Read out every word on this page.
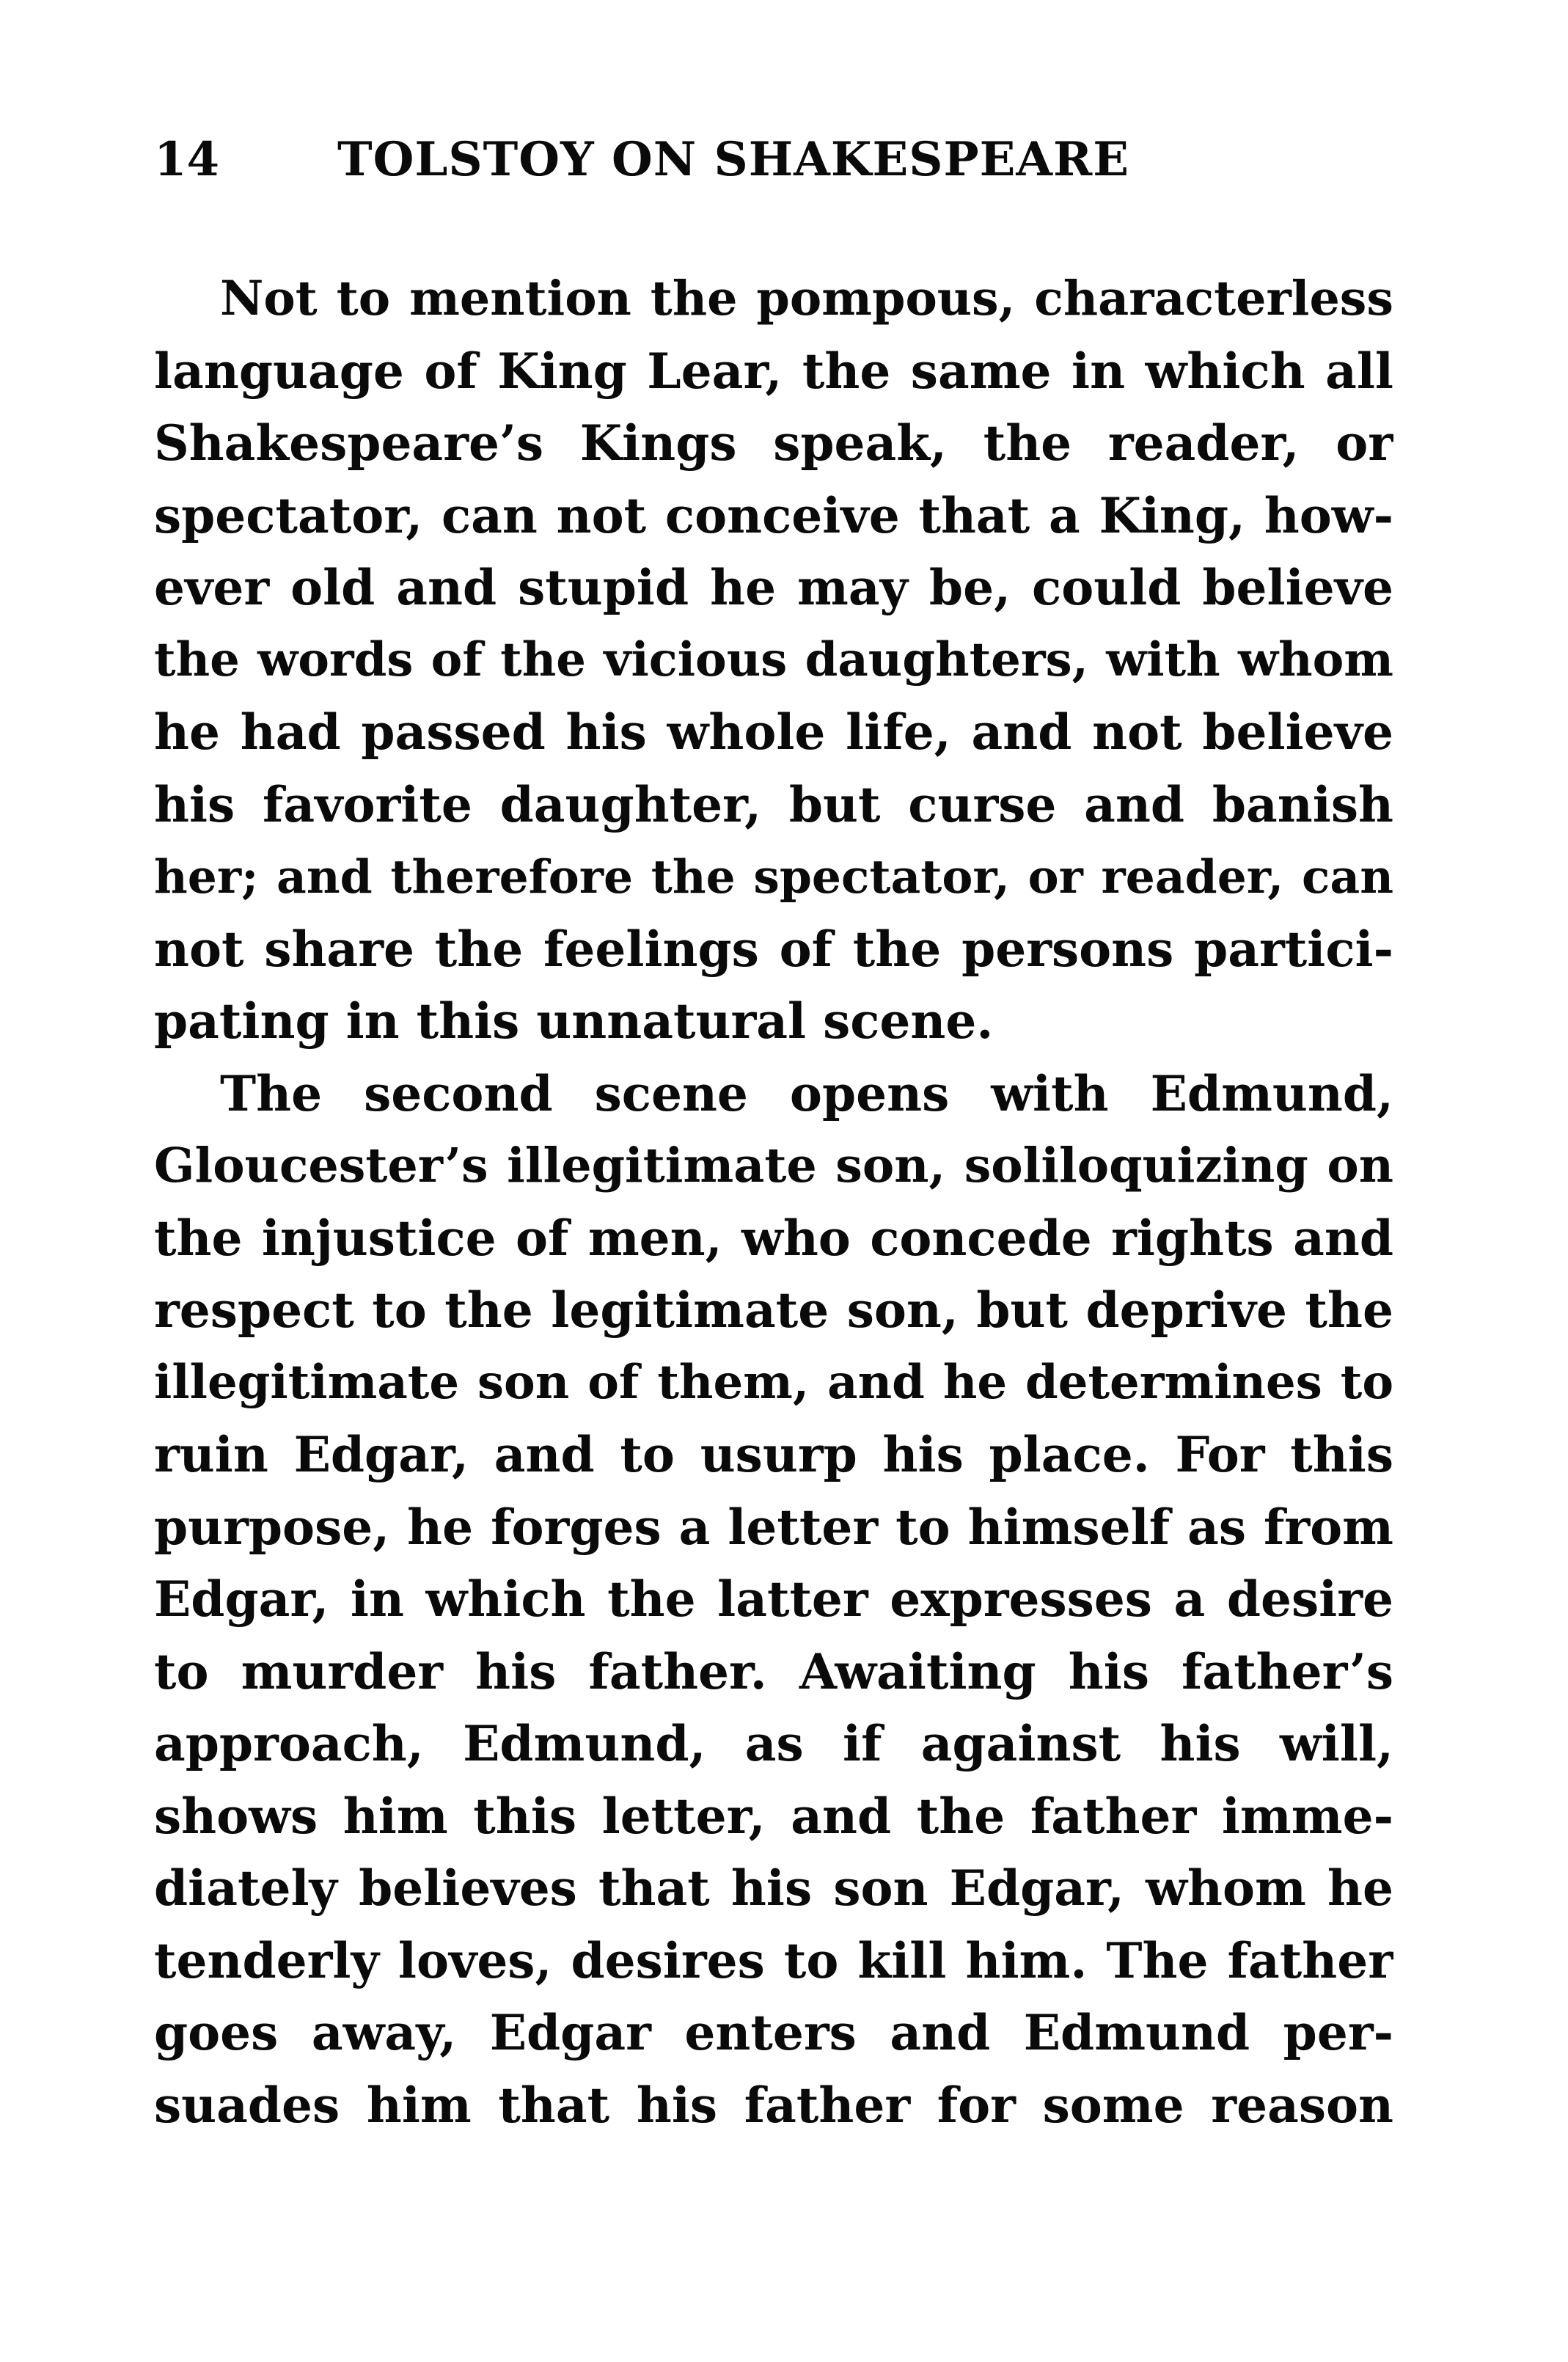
14	TOLSTOY ON SHAKESPEARE
Not to mention the pompous, characterless
language of King Lear, the same in which all
Shakespeare’s Kings speak, the reader, or
spectator, can not conceive that a King, how-
ever old and stupid he may be, could believe
the words of the vicious daughters, with whom
he had passed his whole life, and not believe
his favorite daughter, but curse and banish
her; and therefore the spectator, or reader, can
not share the feelings of the persons partici-
pating in this unnatural scene.
The second scene opens with Edmund,
Gloucester’s illegitimate son, soliloquizing on
the injustice of men, who concede rights and
respect to the legitimate son, but deprive the
illegitimate son of them, and he determines to
ruin Edgar, and to usurp his place. For this
purpose, he forges a letter to himself as from
Edgar, in which the latter expresses a desire
to murder his father. Awaiting his father’s
approach, Edmund, as if against his will,
shows him this letter, and the father imme-
diately believes that his son Edgar, whom he
tenderly loves, desires to kill him. The father
goes away, Edgar enters and Edmund per-
suades him that his father for some reason
